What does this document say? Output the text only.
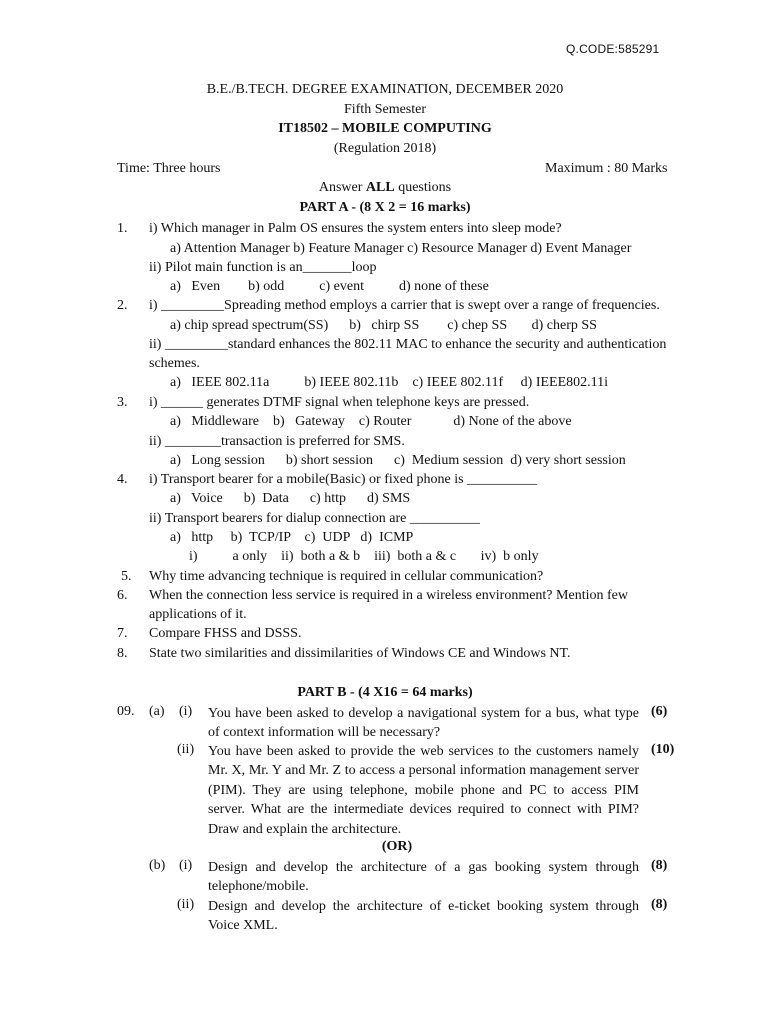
Q.CODE:585291
B.E./B.TECH. DEGREE EXAMINATION, DECEMBER 2020
Fifth Semester
IT18502 – MOBILE COMPUTING
(Regulation 2018)
Time: Three hours	Maximum : 80 Marks
Answer ALL questions
PART A - (8 X 2 = 16 marks)
1. i) Which manager in Palm OS ensures the system enters into sleep mode?
a) Attention Manager b) Feature Manager c) Resource Manager d) Event Manager
ii) Pilot main function is an_______loop
a)   Even        b) odd          c) event          d) none of these
2. i) _________Spreading method employs a carrier that is swept over a range of frequencies.
a) chip spread spectrum(SS)      b)   chirp SS        c) chep SS       d) cherp SS
ii) _________standard enhances the 802.11 MAC to enhance the security and authentication
schemes.
a)   IEEE 802.11a          b) IEEE 802.11b    c) IEEE 802.11f     d) IEEE802.11i
3. i) ______ generates DTMF signal when telephone keys are pressed.
a)   Middleware    b)   Gateway    c) Router            d) None of the above
ii) ________transaction is preferred for SMS.
a)   Long session      b) short session      c)  Medium session  d) very short session
4. i) Transport bearer for a mobile(Basic) or fixed phone is __________
a)   Voice      b)  Data      c) http      d) SMS
ii) Transport bearers for dialup connection are __________
a)   http     b)  TCP/IP    c)  UDP   d)  ICMP
i)          a only    ii)  both a & b    iii)  both a & c       iv)  b only
5. Why time advancing technique is required in cellular communication?
6. When the connection less service is required in a wireless environment? Mention few
applications of it.
7. Compare FHSS and DSSS.
8. State two similarities and dissimilarities of Windows CE and Windows NT.
PART B - (4 X16 = 64 marks)
09. (a) (i) You have been asked to develop a navigational system for a bus, what type of context information will be necessary?
(6)
(ii) You have been asked to provide the web services to the customers namely Mr. X, Mr. Y and Mr. Z to access a personal information management server (PIM). They are using telephone, mobile phone and PC to access PIM server. What are the intermediate devices required to connect with PIM? Draw and explain the architecture.
(10)
(OR)
(b) (i) Design and develop the architecture of a gas booking system through telephone/mobile.
(8)
(ii) Design and develop the architecture of e-ticket booking system through Voice XML.
(8)
